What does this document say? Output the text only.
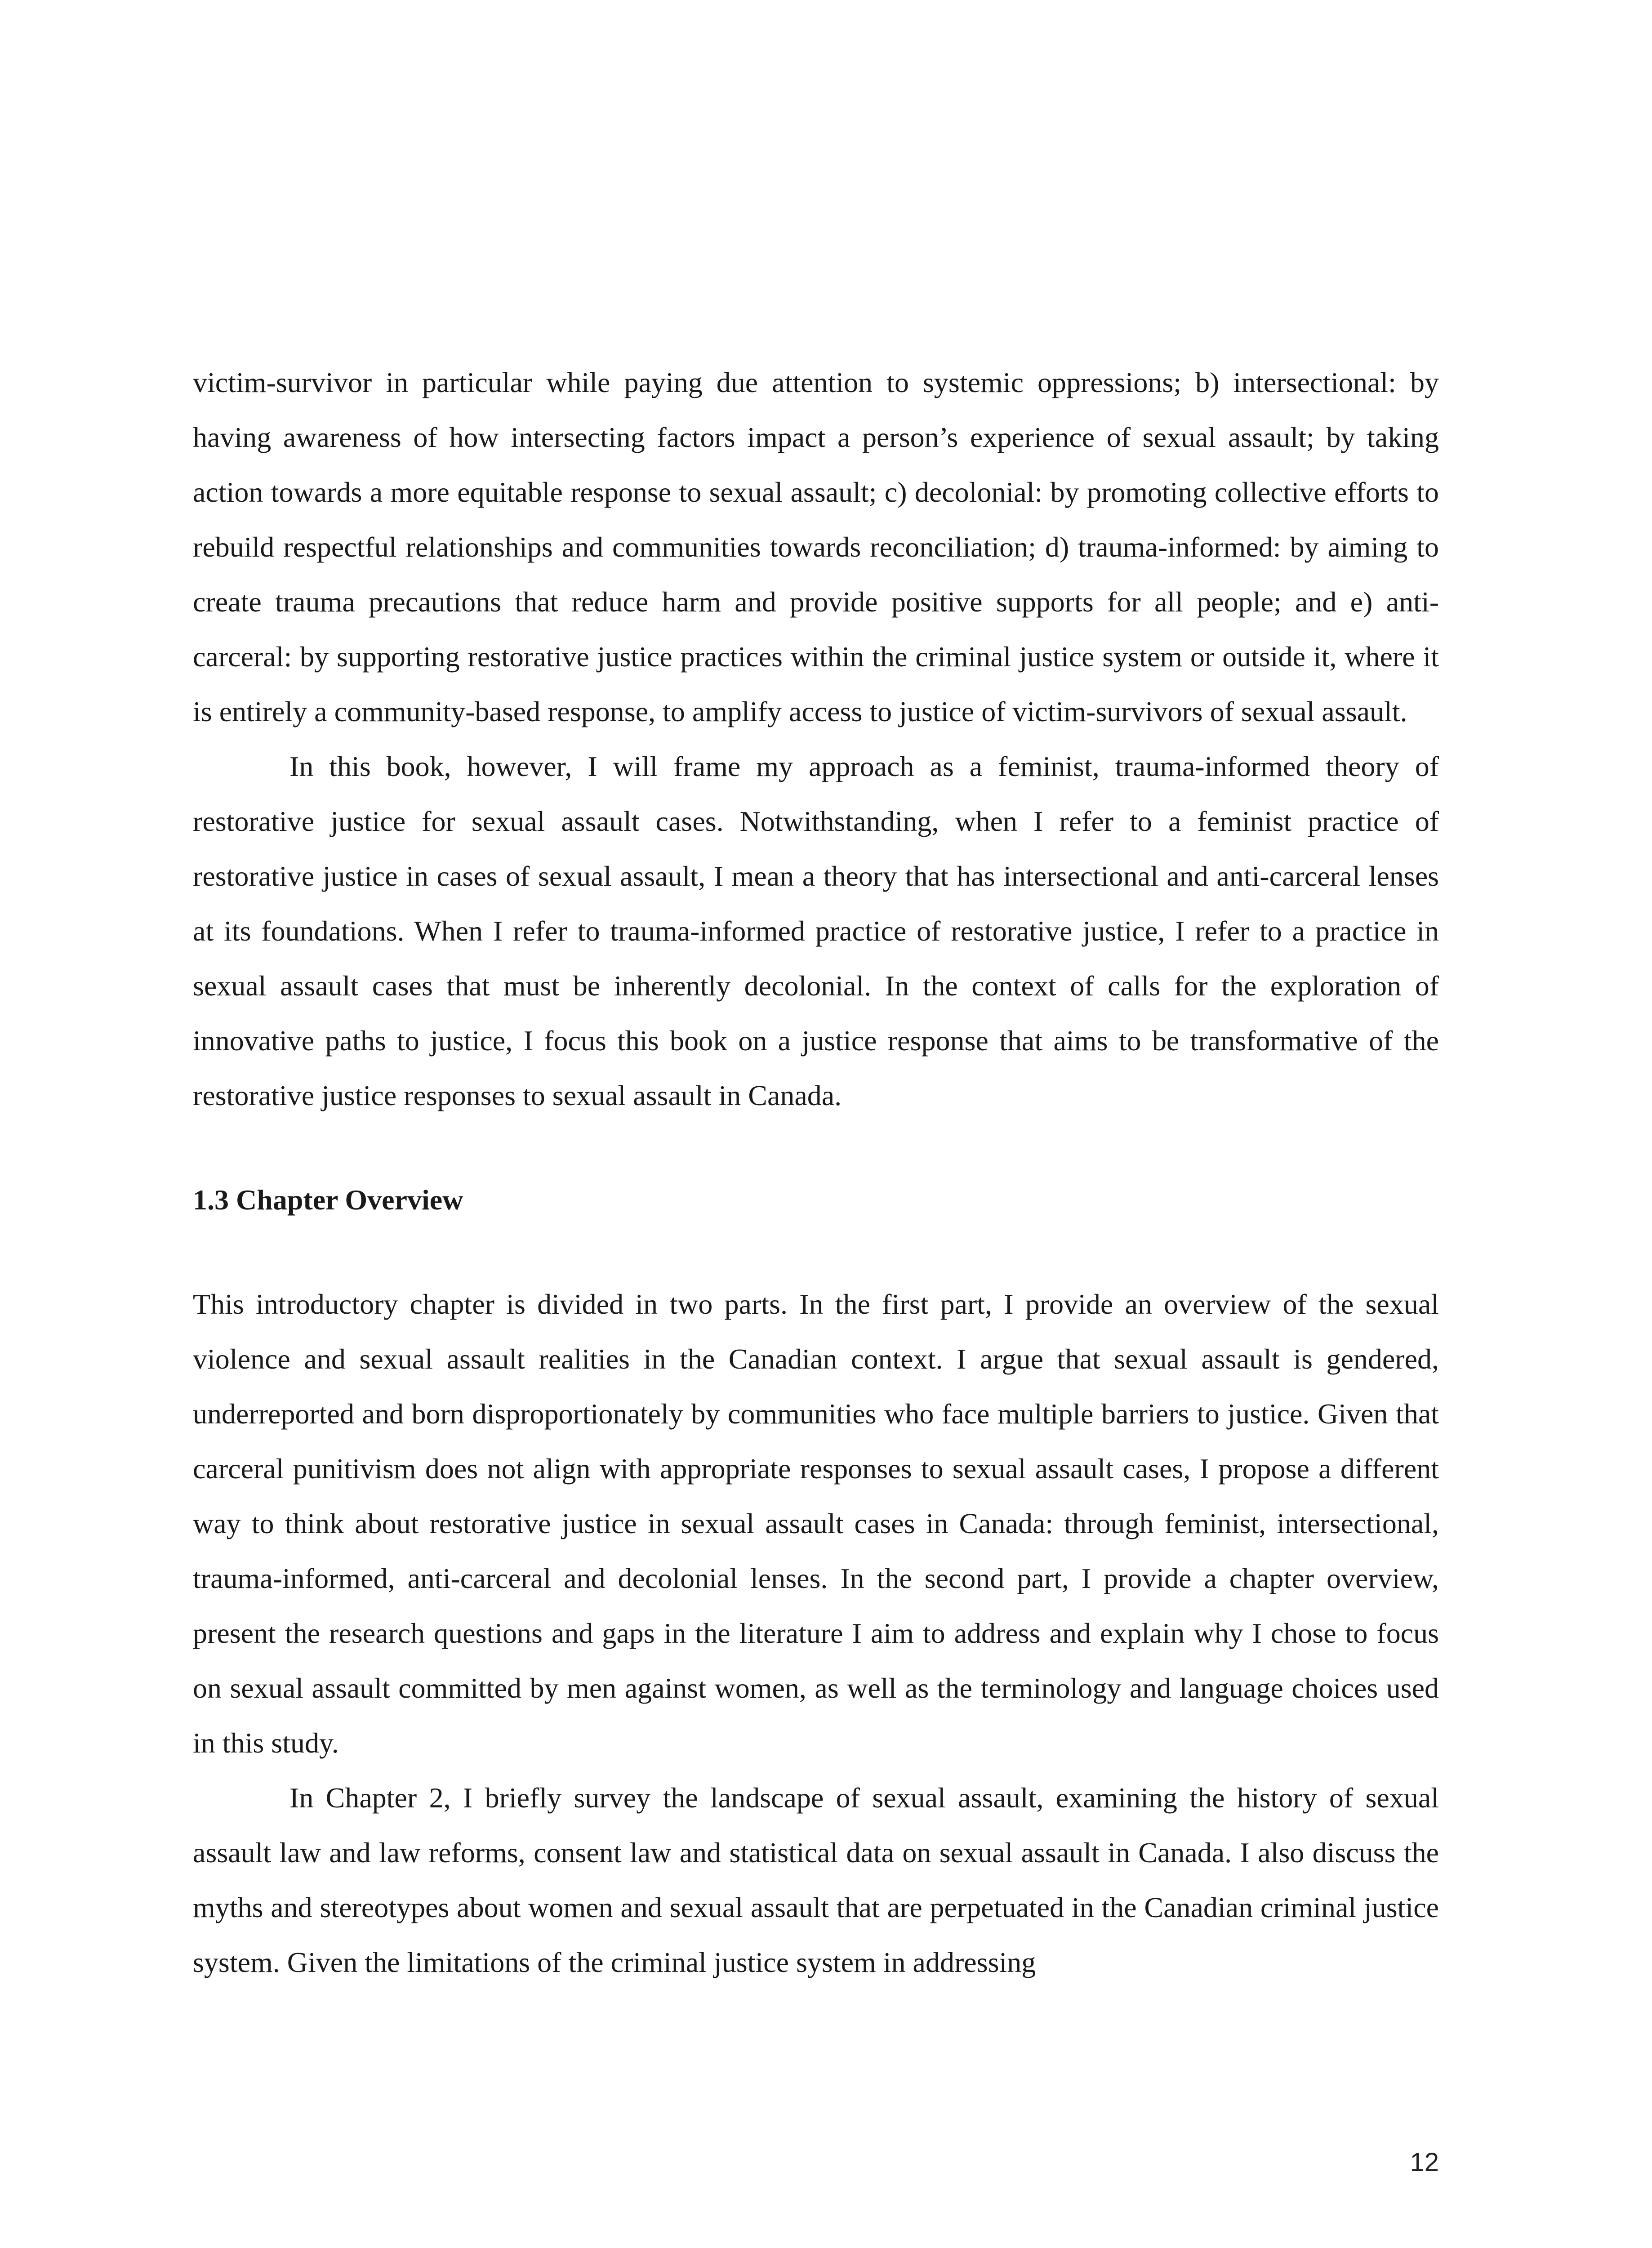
victim-survivor in particular while paying due attention to systemic oppressions; b) intersectional: by having awareness of how intersecting factors impact a person’s experience of sexual assault; by taking action towards a more equitable response to sexual assault; c) decolonial: by promoting collective efforts to rebuild respectful relationships and communities towards reconciliation; d) trauma-informed: by aiming to create trauma precautions that reduce harm and provide positive supports for all people; and e) anti-carceral: by supporting restorative justice practices within the criminal justice system or outside it, where it is entirely a community-based response, to amplify access to justice of victim-survivors of sexual assault.

In this book, however, I will frame my approach as a feminist, trauma-informed theory of restorative justice for sexual assault cases. Notwithstanding, when I refer to a feminist practice of restorative justice in cases of sexual assault, I mean a theory that has intersectional and anti-carceral lenses at its foundations. When I refer to trauma-informed practice of restorative justice, I refer to a practice in sexual assault cases that must be inherently decolonial. In the context of calls for the exploration of innovative paths to justice, I focus this book on a justice response that aims to be transformative of the restorative justice responses to sexual assault in Canada.

1.3 Chapter Overview

This introductory chapter is divided in two parts. In the first part, I provide an overview of the sexual violence and sexual assault realities in the Canadian context. I argue that sexual assault is gendered, underreported and born disproportionately by communities who face multiple barriers to justice. Given that carceral punitivism does not align with appropriate responses to sexual assault cases, I propose a different way to think about restorative justice in sexual assault cases in Canada: through feminist, intersectional, trauma-informed, anti-carceral and decolonial lenses. In the second part, I provide a chapter overview, present the research questions and gaps in the literature I aim to address and explain why I chose to focus on sexual assault committed by men against women, as well as the terminology and language choices used in this study.

In Chapter 2, I briefly survey the landscape of sexual assault, examining the history of sexual assault law and law reforms, consent law and statistical data on sexual assault in Canada. I also discuss the myths and stereotypes about women and sexual assault that are perpetuated in the Canadian criminal justice system. Given the limitations of the criminal justice system in addressing

12
